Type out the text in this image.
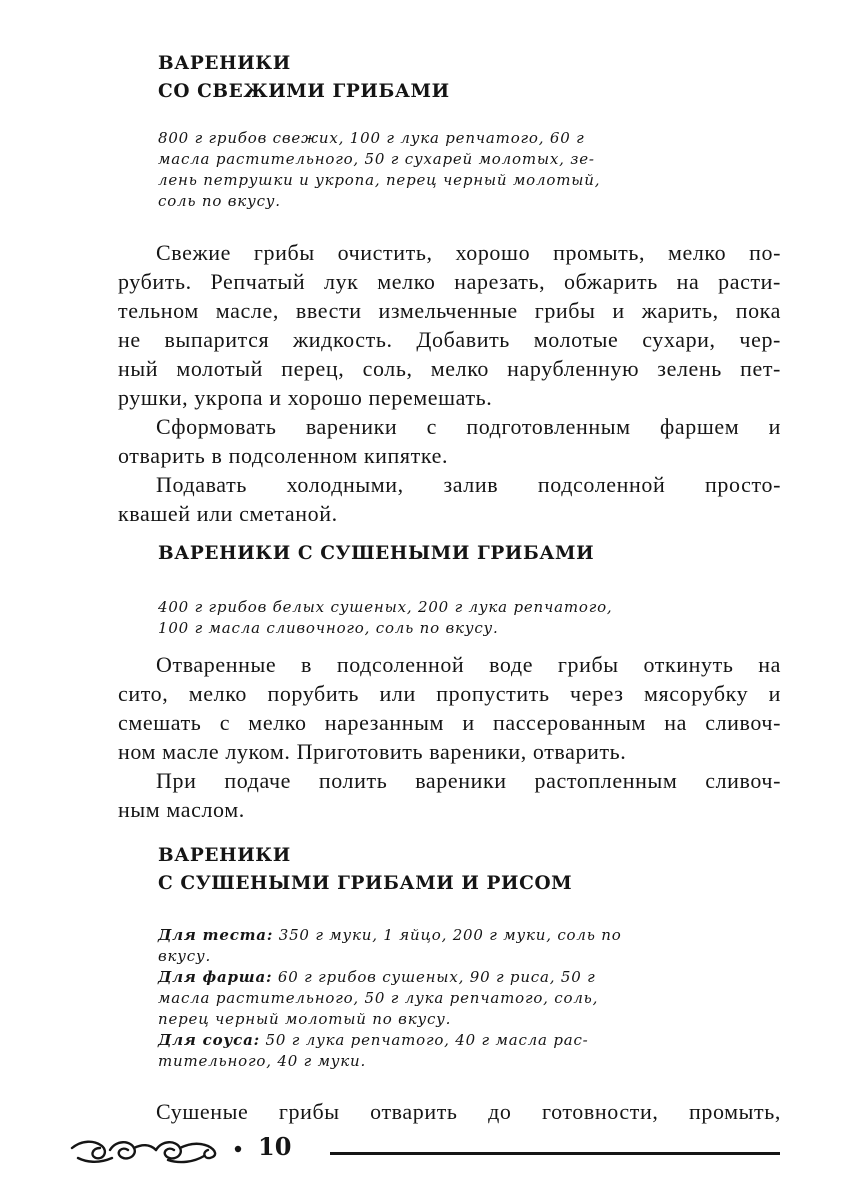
ВАРЕНИКИ
СО СВЕЖИМИ ГРИБАМИ
800 г грибов свежих, 100 г лука репчатого, 60 г
масла растительного, 50 г сухарей молотых, зе-
лень петрушки и укропа, перец черный молотый,
соль по вкусу.
Свежие грибы очистить, хорошо промыть, мелко по-
рубить. Репчатый лук мелко нарезать, обжарить на расти-
тельном масле, ввести измельченные грибы и жарить, пока
не выпарится жидкость. Добавить молотые сухари, чер-
ный молотый перец, соль, мелко нарубленную зелень пет-
рушки, укропа и хорошо перемешать.
Сформовать вареники с подготовленным фаршем и
отварить в подсоленном кипятке.
Подавать холодными, залив подсоленной просто-
квашей или сметаной.
ВАРЕНИКИ С СУШЕНЫМИ ГРИБАМИ
400 г грибов белых сушеных, 200 г лука репчатого,
100 г масла сливочного, соль по вкусу.
Отваренные в подсоленной воде грибы откинуть на
сито, мелко порубить или пропустить через мясорубку и
смешать с мелко нарезанным и пассерованным на сливоч-
ном масле луком. Приготовить вареники, отварить.
При подаче полить вареники растопленным сливоч-
ным маслом.
ВАРЕНИКИ
С СУШЕНЫМИ ГРИБАМИ И РИСОМ
Для теста: 350 г муки, 1 яйцо, 200 г муки, соль по
вкусу.
Для фарша: 60 г грибов сушеных, 90 г риса, 50 г
масла растительного, 50 г лука репчатого, соль,
перец черный молотый по вкусу.
Для соуса: 50 г лука репчатого, 40 г масла рас-
тительного, 40 г муки.
Сушеные грибы отварить до готовности, промыть,
10
